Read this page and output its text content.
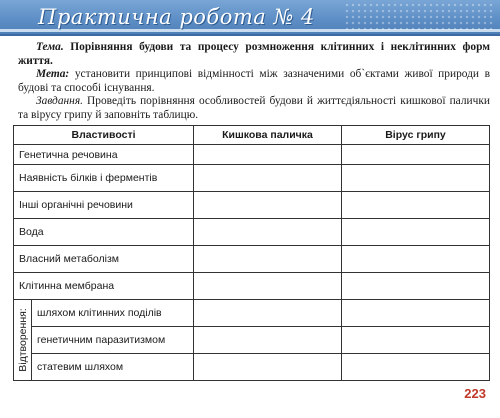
Практична робота № 4

Тема. Порівняння будови та процесу розмноження клітинних і неклітинних форм життя.

Мета: установити принципові відмінності між зазначеними об`єктами живої природи в будові та способі існування.

Завдання. Проведіть порівняння особливостей будови й життєдіяльності кишкової палички та вірусу грипу й заповніть таблицю.

Властивості		Кишкова паличка	Вірус грипу
Генетична речовина			
Наявність білків і ферментів			
Інші органічні речовини			
Вода			
Власний метаболізм			
Клітинна мембрана			

Відтворення:	шляхом клітинних поділів		
	генетичним паразитизмом		
	статевим шляхом		
223
